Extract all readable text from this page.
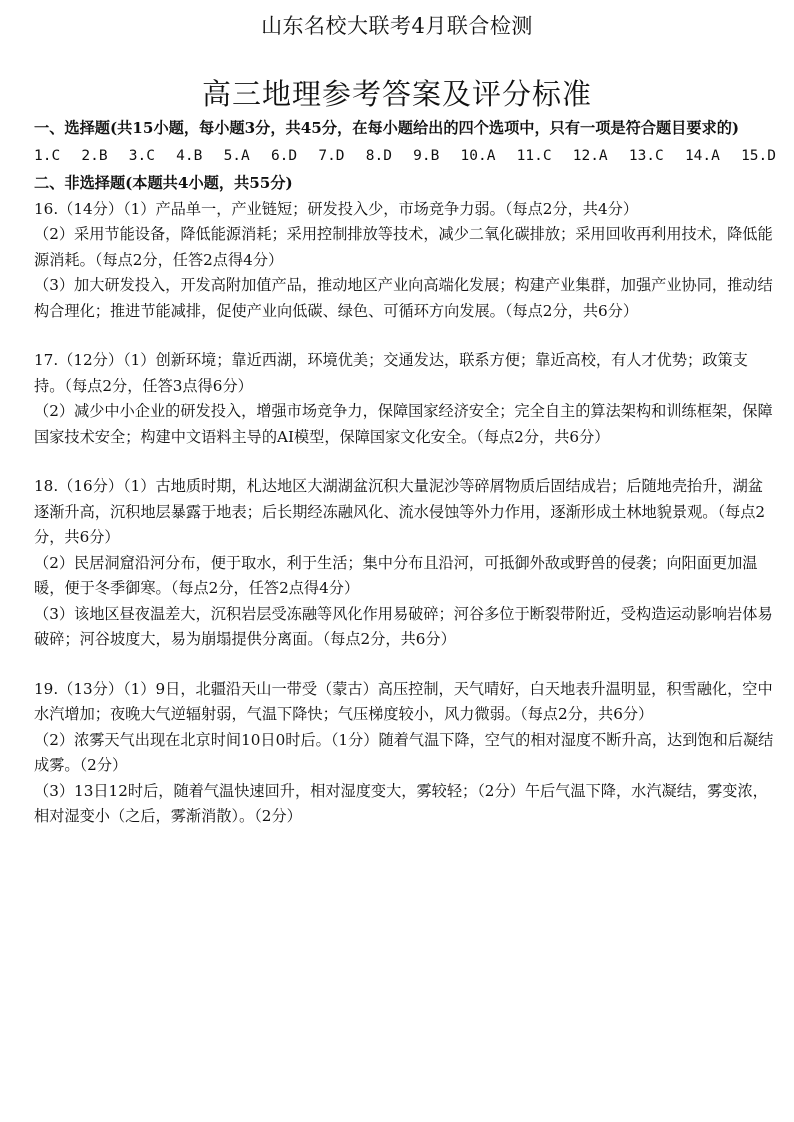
山东名校大联考4月联合检测
高三地理参考答案及评分标准

一、选择题(共15小题，每小题3分，共45分，在每小题给出的四个选项中，只有一项是符合题目要求的)

1.C 2.B 3.C 4.B 5.A 6.D 7.D 8.D 9.B 10.A 11.C 12.A 13.C 14.A 15.D

二、非选择题(本题共4小题，共55分)

16.（14分）（1）产品单一，产业链短；研发投入少，市场竞争力弱。（每点2分，共4分）

（2）采用节能设备，降低能源消耗；采用控制排放等技术，减少二氧化碳排放；采用回收再利用技术，降低能源消耗。（每点2分，任答2点得4分）

（3）加大研发投入，开发高附加值产品，推动地区产业向高端化发展；构建产业集群，加强产业协同，推动结构合理化；推进节能减排，促使产业向低碳、绿色、可循环方向发展。（每点2分，共6分）

17.（12分）（1）创新环境；靠近西湖，环境优美；交通发达，联系方便；靠近高校，有人才优势；政策支持。（每点2分，任答3点得6分）

（2）减少中小企业的研发投入，增强市场竞争力，保障国家经济安全；完全自主的算法架构和训练框架，保障国家技术安全；构建中文语料主导的AI模型，保障国家文化安全。（每点2分，共6分）

18.（16分）（1）古地质时期，札达地区大湖湖盆沉积大量泥沙等碎屑物质后固结成岩；后随地壳抬升，湖盆逐渐升高，沉积地层暴露于地表；后长期经冻融风化、流水侵蚀等外力作用，逐渐形成土林地貌景观。（每点2分，共6分）

（2）民居洞窟沿河分布，便于取水，利于生活；集中分布且沿河，可抵御外敌或野兽的侵袭；向阳面更加温暖，便于冬季御寒。（每点2分，任答2点得4分）

（3）该地区昼夜温差大，沉积岩层受冻融等风化作用易破碎；河谷多位于断裂带附近，受构造运动影响岩体易破碎；河谷坡度大，易为崩塌提供分离面。（每点2分，共6分）

19.（13分）（1）9日，北疆沿天山一带受（蒙古）高压控制，天气晴好，白天地表升温明显，积雪融化，空中水汽增加；夜晚大气逆辐射弱，气温下降快；气压梯度较小，风力微弱。（每点2分，共6分）

（2）浓雾天气出现在北京时间10日0时后。（1分）随着气温下降，空气的相对湿度不断升高，达到饱和后凝结成雾。（2分）

（3）13日12时后，随着气温快速回升，相对湿度变大，雾较轻；（2分）午后气温下降，水汽凝结，雾变浓，相对湿变小（之后，雾渐消散）。（2分）
